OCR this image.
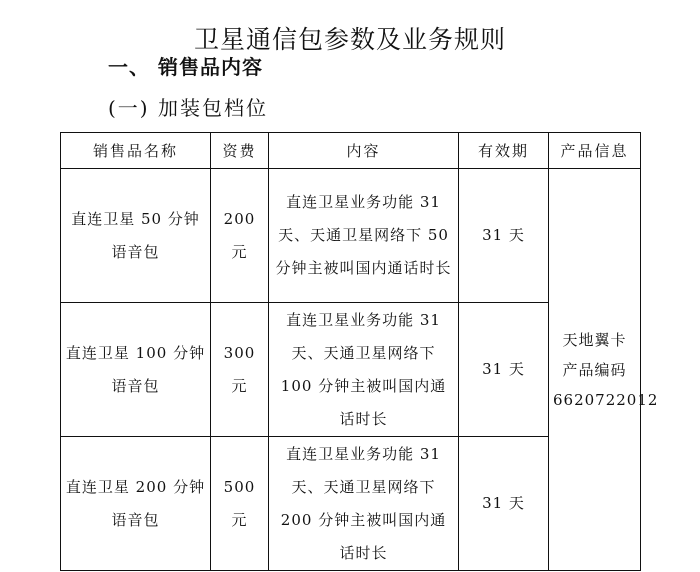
卫星通信包参数及业务规则
一、 销售品内容
(一) 加装包档位
销售品名称	资费	内容	有效期	产品信息

直连卫星 50 分钟语音包	200 元	直连卫星业务功能 31 天、天通卫星网络下 50 分钟主被叫国内通话时长	31 天	天地翼卡
产品编码
6620722012

直连卫星 100 分钟语音包	300 元	直连卫星业务功能 31 天、天通卫星网络下 100 分钟主被叫国内通话时长	31 天	

直连卫星 200 分钟语音包	500 元	直连卫星业务功能 31 天、天通卫星网络下 200 分钟主被叫国内通话时长	31 天	
